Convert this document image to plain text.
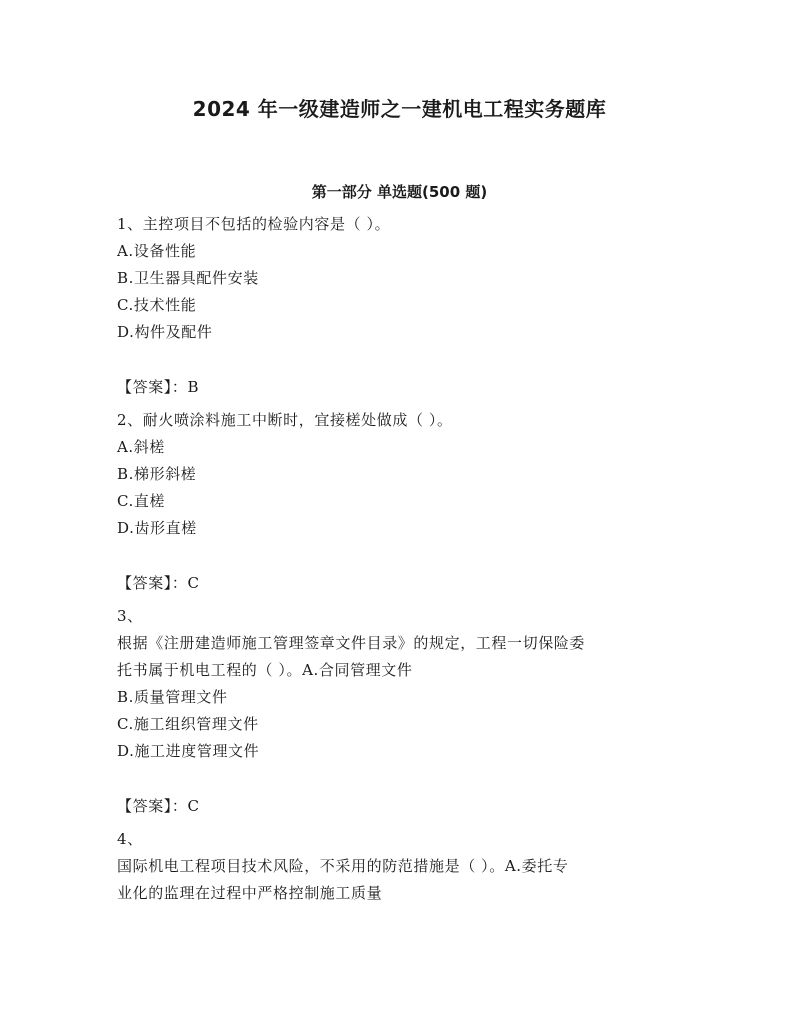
2024 年一级建造师之一建机电工程实务题库
第一部分 单选题(500 题)
1、主控项目不包括的检验内容是（ ）。
A.设备性能
B.卫生器具配件安装
C.技术性能
D.构件及配件
【答案】：B
2、耐火喷涂料施工中断时，宜接槎处做成（ ）。
A.斜槎
B.梯形斜槎
C.直槎
D.齿形直槎
【答案】：C
3、
根据《注册建造师施工管理签章文件目录》的规定，工程一切保险委
托书属于机电工程的（ ）。A.合同管理文件
B.质量管理文件
C.施工组织管理文件
D.施工进度管理文件
【答案】：C
4、
国际机电工程项目技术风险，不采用的防范措施是（ ）。A.委托专
业化的监理在过程中严格控制施工质量
